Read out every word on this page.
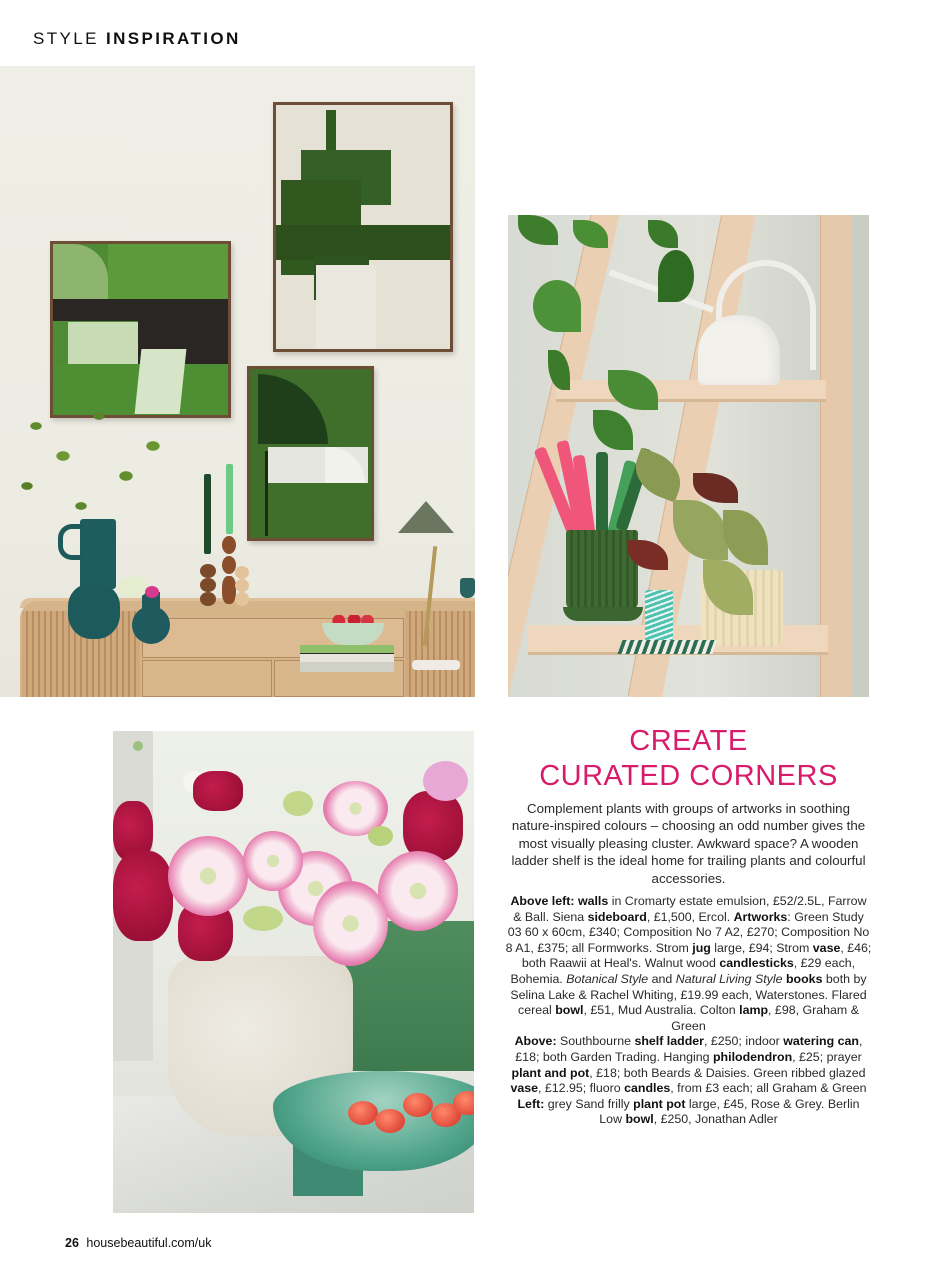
STYLE INSPIRATION
CREATE
CURATED CORNERS

Complement plants with groups of artworks in soothing nature-inspired colours – choosing an odd number gives the most visually pleasing cluster. Awkward space? A wooden ladder shelf is the ideal home for trailing plants and colourful accessories.

Above left: walls in Cromarty estate emulsion, £52/2.5L, Farrow & Ball. Siena sideboard, £1,500, Ercol. Artworks: Green Study 03 60 x 60cm, £340; Composition No 7 A2, £270; Composition No 8 A1, £375; all Formworks. Strom jug large, £94; Strom vase, £46; both Raawii at Heal's. Walnut wood candlesticks, £29 each, Bohemia. Botanical Style and Natural Living Style books both by Selina Lake & Rachel Whiting, £19.99 each, Waterstones. Flared cereal bowl, £51, Mud Australia. Colton lamp, £98, Graham & Green
Above: Southbourne shelf ladder, £250; indoor watering can, £18; both Garden Trading. Hanging philodendron, £25; prayer plant and pot, £18; both Beards & Daisies. Green ribbed glazed vase, £12.95; fluoro candles, from £3 each; all Graham & Green
Left: grey Sand frilly plant pot large, £45, Rose & Grey. Berlin Low bowl, £250, Jonathan Adler

26 housebeautiful.com/uk
